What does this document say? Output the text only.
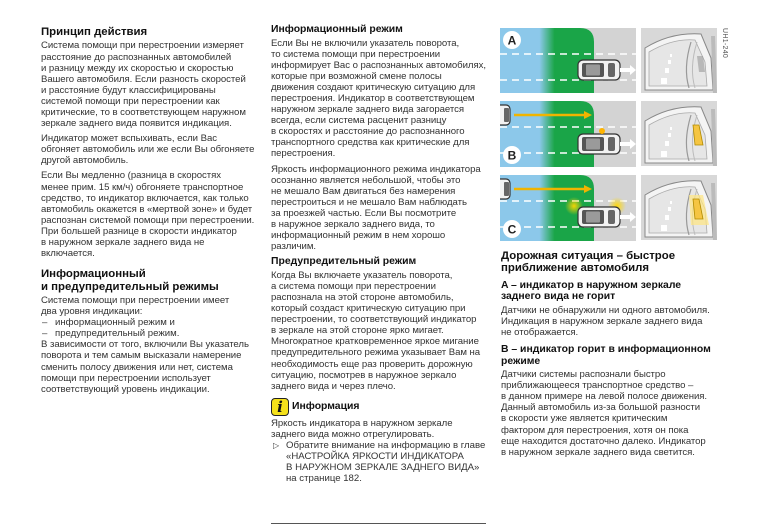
Принцип действия

Система помощи при перестроении измеряет
расстояние до распознанных автомобилей
и разницу между их скоростью и скоростью
Вашего автомобиля. Если разность скоростей
и расстояние будут классифицированы
системой помощи при перестроении как
критические, то в соответствующем наружном
зеркале заднего вида появится индикация.

Индикатор может вспыхивать, если Вас
обгоняет автомобиль или же если Вы обгоняете
другой автомобиль.

Если Вы медленно (разница в скоростях
менее прим. 15 км/ч) обгоняете транспортное
средство, то индикатор включается, как только
автомобиль окажется в «мертвой зоне» и будет
распознан системой помощи при перестроении.
При большей разнице в скорости индикатор
в наружном зеркале заднего вида не
включается.

Информационный
и предупредительный режимы

Система помощи при перестроении имеет
два уровня индикации:

– информационный режим и
– предупредительный режим.

В зависимости от того, включили Вы указатель
поворота и тем самым высказали намерение
сменить полосу движения или нет, система
помощи при перестроении использует
соответствующий уровень индикации.

Информационный режим

Если Вы не включили указатель поворота,
то система помощи при перестроении
информирует Вас о распознанных автомобилях,
которые при возможной смене полосы
движения создают критическую ситуацию для
перестроения. Индикатор в соответствующем
наружном зеркале заднего вида загорается
всегда, если система расценит разницу
в скоростях и расстояние до распознанного
транспортного средства как критические для
перестроения.

Яркость информационного режима индикатора
осознанно является небольшой, чтобы это
не мешало Вам двигаться без намерения
перестроиться и не мешало Вам наблюдать
за проезжей частью. Если Вы посмотрите
в наружное зеркало заднего вида, то
информационный режим в нем хорошо
различим.

Предупредительный режим

Когда Вы включаете указатель поворота,
а система помощи при перестроении
распознала на этой стороне автомобиль,
который создаст критическую ситуацию при
перестроении, то соответствующий индикатор
в зеркале на этой стороне ярко мигает.
Многократное кратковременное яркое мигание
предупредительного режима указывает Вам на
необходимость еще раз проверить дорожную
ситуацию, посмотрев в наружное зеркало
заднего вида и через плечо.

i Информация

Яркость индикатора в наружном зеркале
заднего вида можно отрегулировать.

▷ Обратите внимание на информацию в главе
«НАСТРОЙКА ЯРКОСТИ ИНДИКАТОРА
В НАРУЖНОМ ЗЕРКАЛЕ ЗАДНЕГО ВИДА»
на странице 182.
A
B
C
UH1-240
Дорожная ситуация – быстрое
приближение автомобиля
A – индикатор в наружном зеркале
заднего вида не горит

Датчики не обнаружили ни одного автомобиля.
Индикация в наружном зеркале заднего вида
не отображается.

B – индикатор горит в информационном
режиме

Датчики системы распознали быстро
приближающееся транспортное средство –
в данном примере на левой полосе движения.
Данный автомобиль из-за большой разности
в скорости уже является критическим
фактором для перестроения, хотя он пока
еще находится достаточно далеко. Индикатор
в наружном зеркале заднего вида светится.
